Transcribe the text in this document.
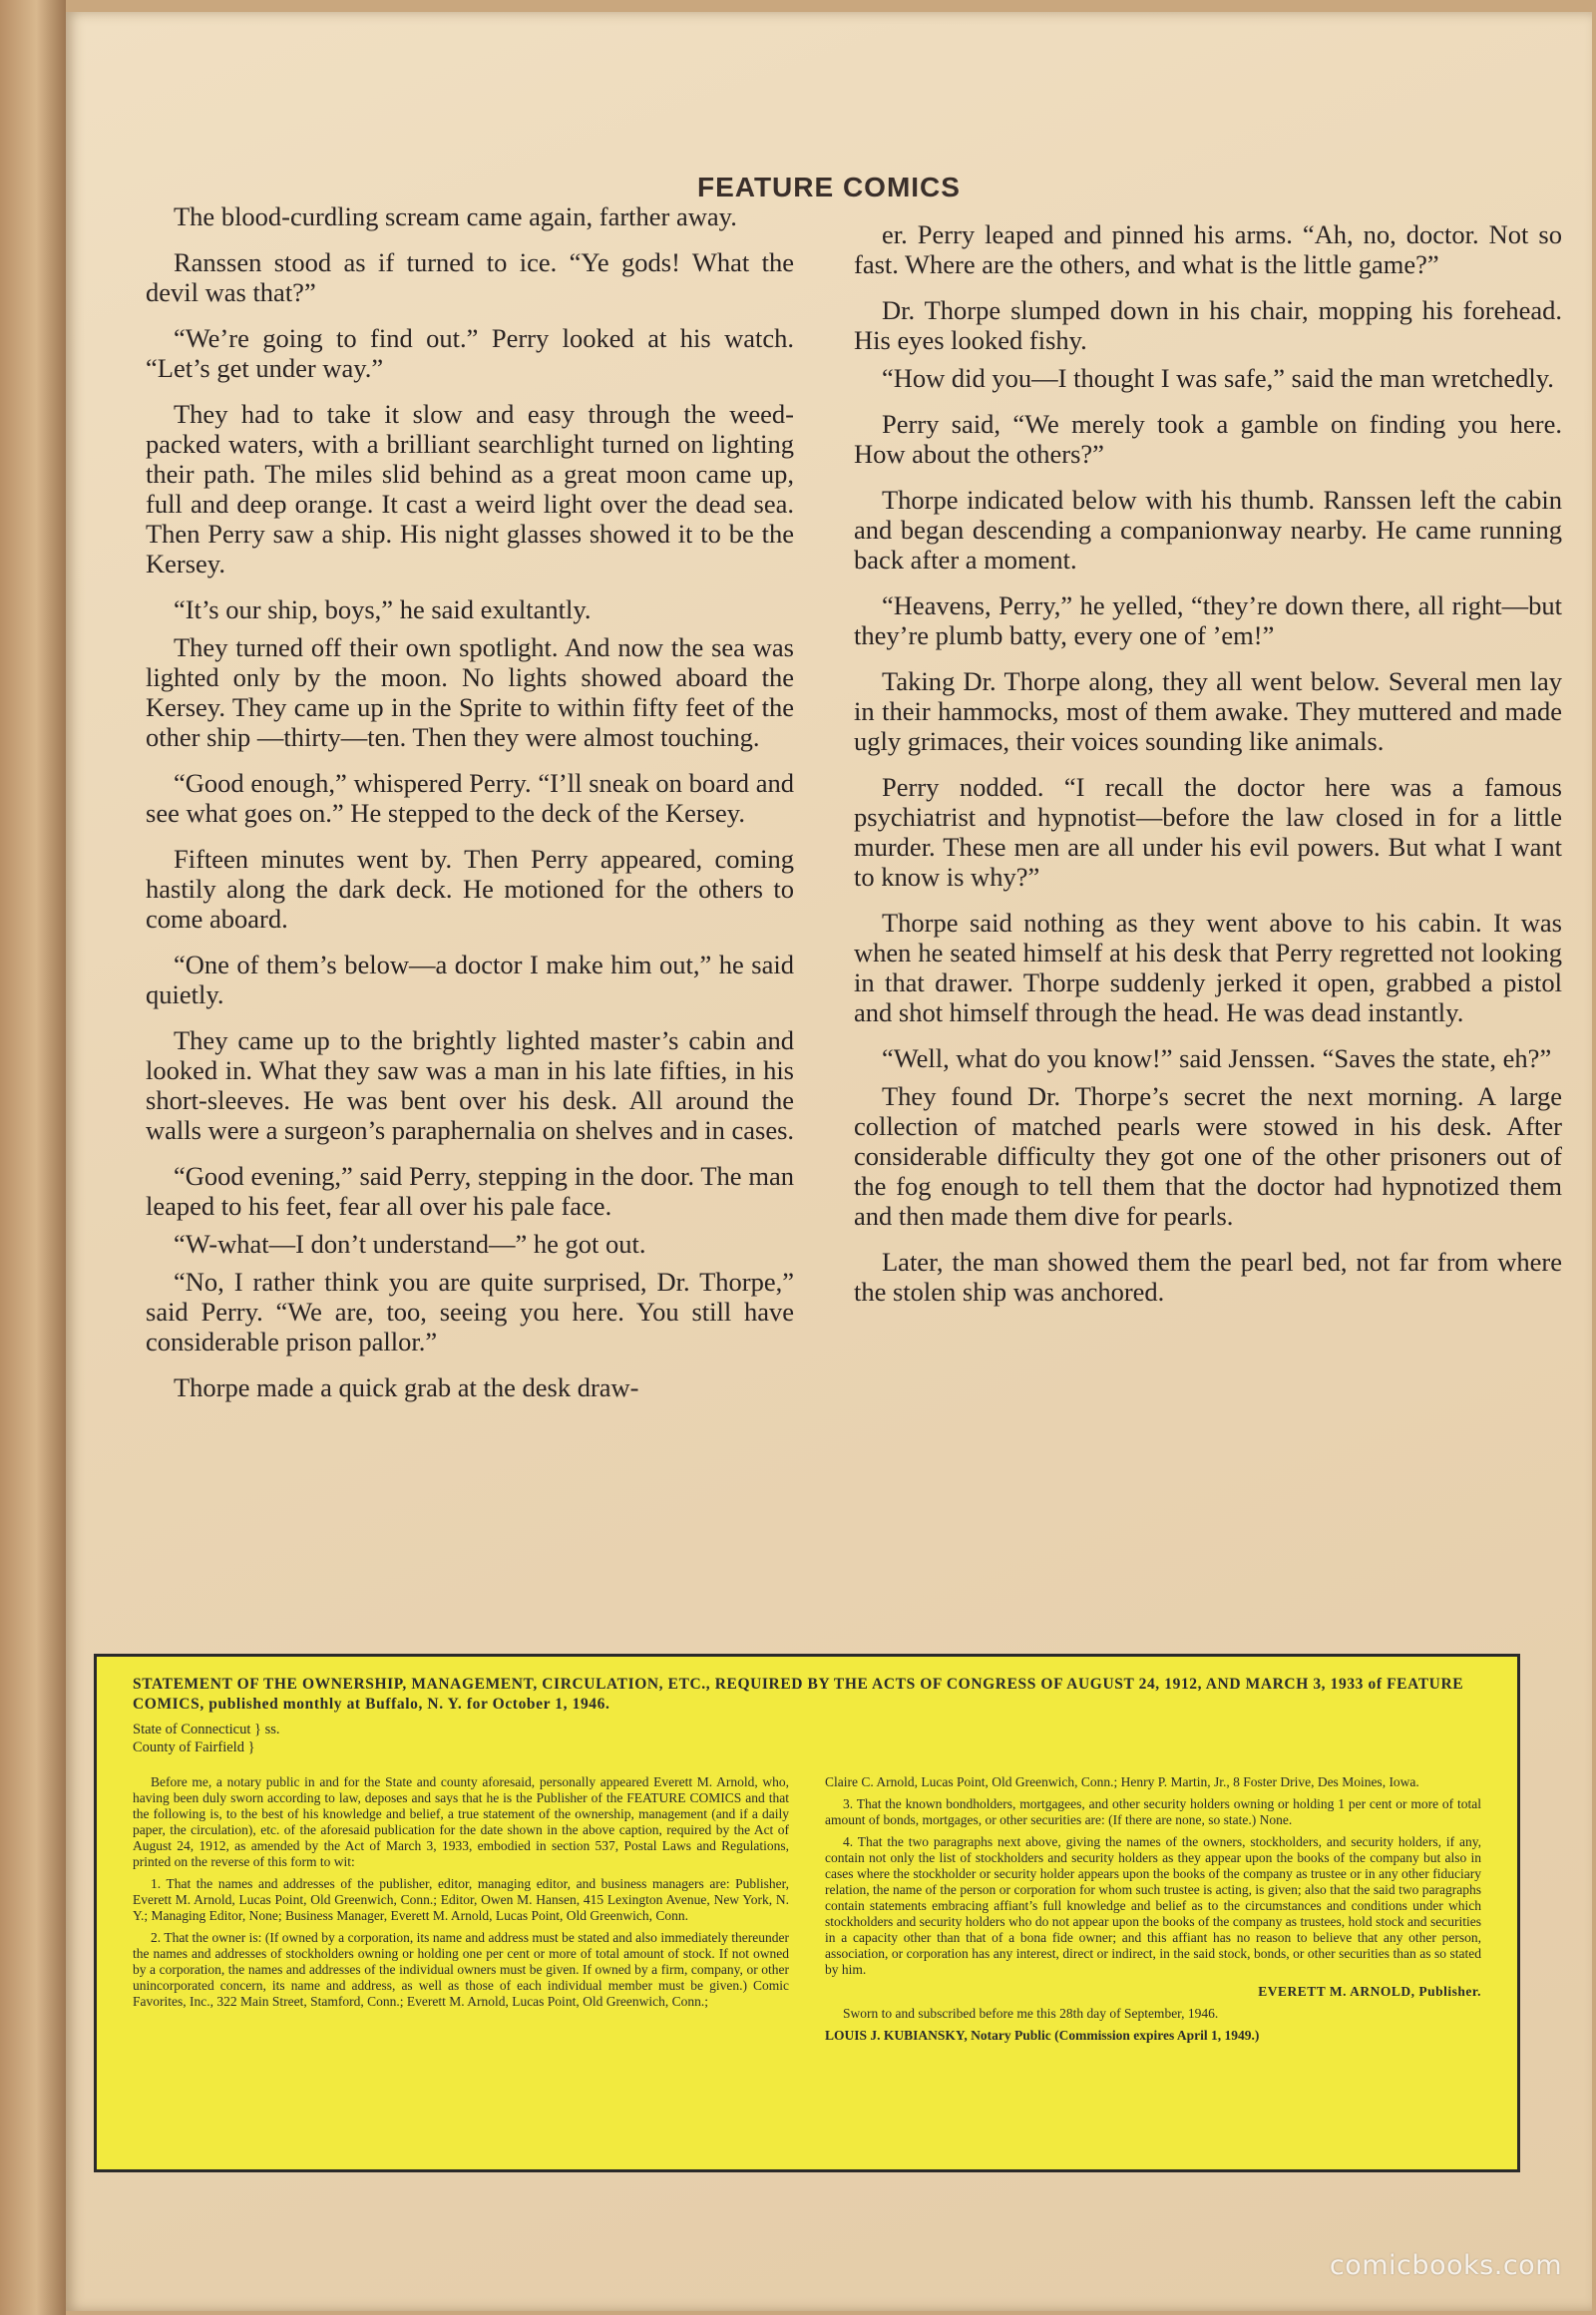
FEATURE COMICS

The blood-curdling scream came again, farther away.

Ranssen stood as if turned to ice. “Ye gods! What the devil was that?”

“We’re going to find out.” Perry looked at his watch. “Let’s get under way.”

They had to take it slow and easy through the weed-packed waters, with a brilliant searchlight turned on lighting their path. The miles slid behind as a great moon came up, full and deep orange. It cast a weird light over the dead sea. Then Perry saw a ship. His night glasses showed it to be the Kersey.

“It’s our ship, boys,” he said exultantly.

They turned off their own spotlight. And now the sea was lighted only by the moon. No lights showed aboard the Kersey. They came up in the Sprite to within fifty feet of the other ship —thirty—ten. Then they were almost touching.

“Good enough,” whispered Perry. “I’ll sneak on board and see what goes on.” He stepped to the deck of the Kersey.

Fifteen minutes went by. Then Perry appeared, coming hastily along the dark deck. He motioned for the others to come aboard.

“One of them’s below—a doctor I make him out,” he said quietly.

They came up to the brightly lighted master’s cabin and looked in. What they saw was a man in his late fifties, in his short-sleeves. He was bent over his desk. All around the walls were a surgeon’s paraphernalia on shelves and in cases.

“Good evening,” said Perry, stepping in the door. The man leaped to his feet, fear all over his pale face.

“W-what—I don’t understand—” he got out.

“No, I rather think you are quite surprised, Dr. Thorpe,” said Perry. “We are, too, seeing you here. You still have considerable prison pallor.”

Thorpe made a quick grab at the desk draw-

er. Perry leaped and pinned his arms. “Ah, no, doctor. Not so fast. Where are the others, and what is the little game?”

Dr. Thorpe slumped down in his chair, mopping his forehead. His eyes looked fishy.

“How did you—I thought I was safe,” said the man wretchedly.

Perry said, “We merely took a gamble on finding you here. How about the others?”

Thorpe indicated below with his thumb. Ranssen left the cabin and began descending a companionway nearby. He came running back after a moment.

“Heavens, Perry,” he yelled, “they’re down there, all right—but they’re plumb batty, every one of ’em!”

Taking Dr. Thorpe along, they all went below. Several men lay in their hammocks, most of them awake. They muttered and made ugly grimaces, their voices sounding like animals.

Perry nodded. “I recall the doctor here was a famous psychiatrist and hypnotist—before the law closed in for a little murder. These men are all under his evil powers. But what I want to know is why?”

Thorpe said nothing as they went above to his cabin. It was when he seated himself at his desk that Perry regretted not looking in that drawer. Thorpe suddenly jerked it open, grabbed a pistol and shot himself through the head. He was dead instantly.

“Well, what do you know!” said Jenssen. “Saves the state, eh?”

They found Dr. Thorpe’s secret the next morning. A large collection of matched pearls were stowed in his desk. After considerable difficulty they got one of the other prisoners out of the fog enough to tell them that the doctor had hypnotized them and then made them dive for pearls.

Later, the man showed them the pearl bed, not far from where the stolen ship was anchored.

STATEMENT OF THE OWNERSHIP, MANAGEMENT, CIRCULATION, ETC., REQUIRED BY THE ACTS OF CONGRESS OF AUGUST 24, 1912, AND MARCH 3, 1933 of FEATURE COMICS, published monthly at Buffalo, N. Y. for October 1, 1946.
State of Connecticut } ss.
County of Fairfield }

Before me, a notary public in and for the State and county aforesaid, personally appeared Everett M. Arnold, who, having been duly sworn according to law, deposes and says that he is the Publisher of the FEATURE COMICS and that the following is, to the best of his knowledge and belief, a true statement of the ownership, management (and if a daily paper, the circulation), etc. of the aforesaid publication for the date shown in the above caption, required by the Act of August 24, 1912, as amended by the Act of March 3, 1933, embodied in section 537, Postal Laws and Regulations, printed on the reverse of this form to wit:

1. That the names and addresses of the publisher, editor, managing editor, and business managers are: Publisher, Everett M. Arnold, Lucas Point, Old Greenwich, Conn.; Editor, Owen M. Hansen, 415 Lexington Avenue, New York, N. Y.; Managing Editor, None; Business Manager, Everett M. Arnold, Lucas Point, Old Greenwich, Conn.

2. That the owner is: (If owned by a corporation, its name and address must be stated and also immediately thereunder the names and addresses of stockholders owning or holding one per cent or more of total amount of stock. If not owned by a corporation, the names and addresses of the individual owners must be given. If owned by a firm, company, or other unincorporated concern, its name and address, as well as those of each individual member must be given.) Comic Favorites, Inc., 322 Main Street, Stamford, Conn.; Everett M. Arnold, Lucas Point, Old Greenwich, Conn.;

Claire C. Arnold, Lucas Point, Old Greenwich, Conn.; Henry P. Martin, Jr., 8 Foster Drive, Des Moines, Iowa.

3. That the known bondholders, mortgagees, and other security holders owning or holding 1 per cent or more of total amount of bonds, mortgages, or other securities are: (If there are none, so state.) None.

4. That the two paragraphs next above, giving the names of the owners, stockholders, and security holders, if any, contain not only the list of stockholders and security holders as they appear upon the books of the company but also in cases where the stockholder or security holder appears upon the books of the company as trustee or in any other fiduciary relation, the name of the person or corporation for whom such trustee is acting, is given; also that the said two paragraphs contain statements embracing affiant’s full knowledge and belief as to the circumstances and conditions under which stockholders and security holders who do not appear upon the books of the company as trustees, hold stock and securities in a capacity other than that of a bona fide owner; and this affiant has no reason to believe that any other person, association, or corporation has any interest, direct or indirect, in the said stock, bonds, or other securities than as so stated by him.

EVERETT M. ARNOLD, Publisher.

Sworn to and subscribed before me this 28th day of September, 1946.

LOUIS J. KUBIANSKY, Notary Public (Commission expires April 1, 1949.)

comicbooks.com
